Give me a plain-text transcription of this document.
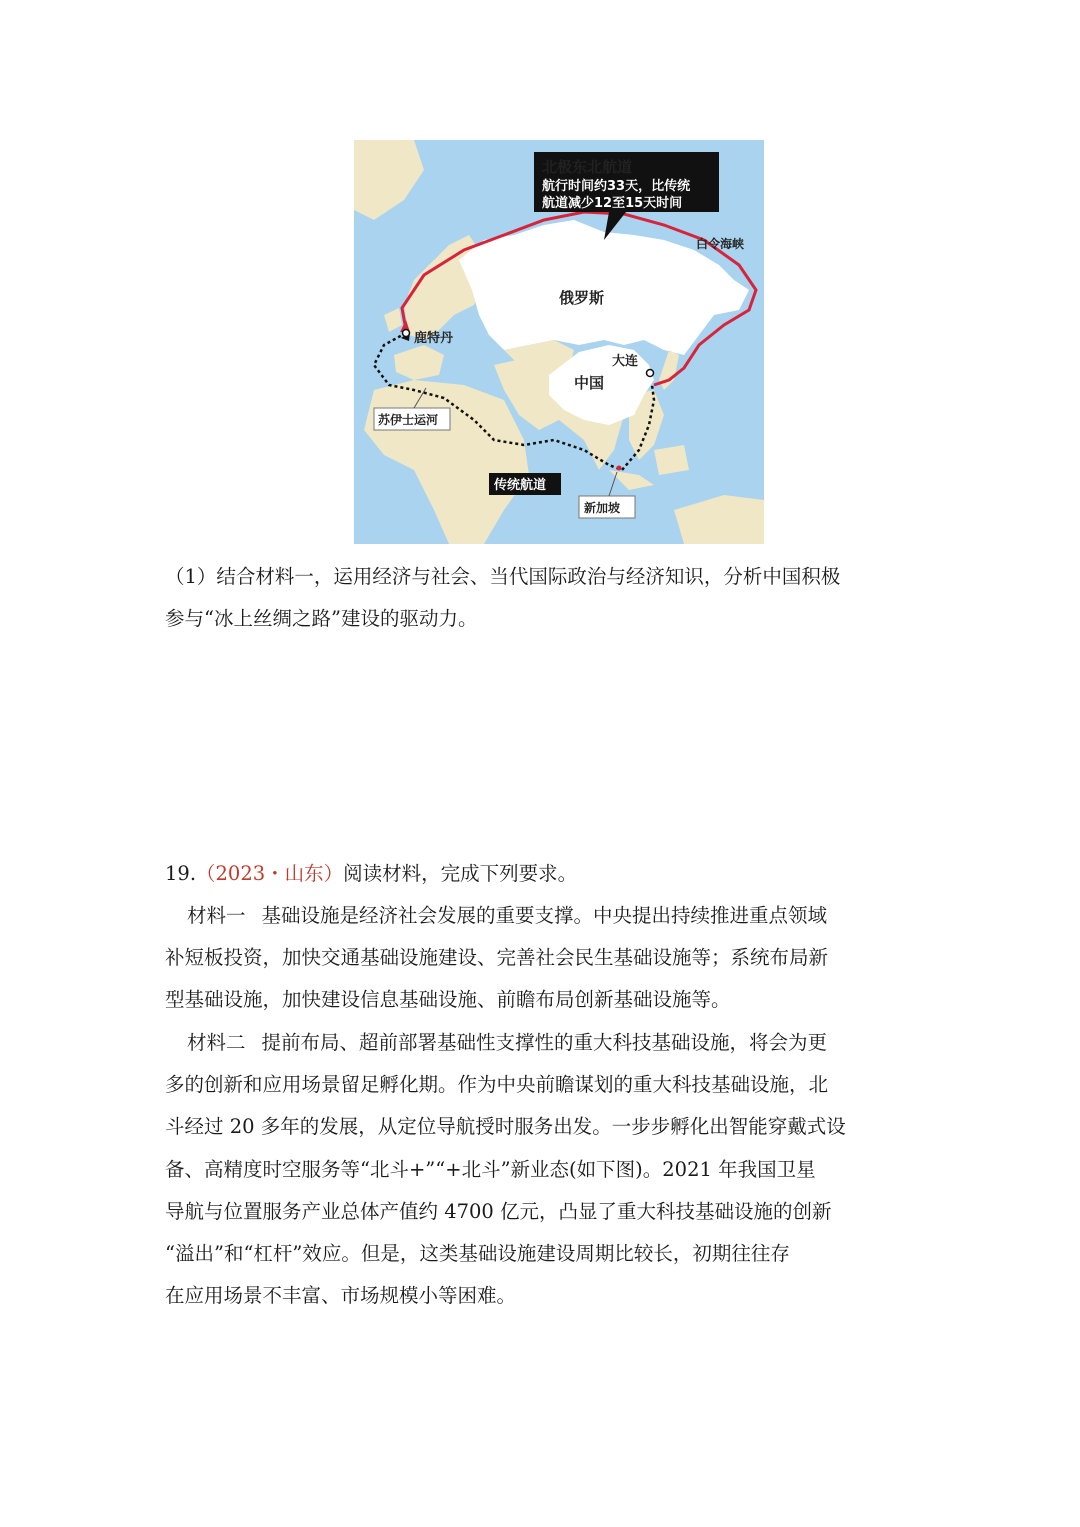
北极东北航道
航行时间约33天，比传统
航道减少12至15天时间
白令海峡
俄罗斯
鹿特丹
大连
中国
苏伊士运河
传统航道
新加坡

（1）结合材料一，运用经济与社会、当代国际政治与经济知识，分析中国积极

参与“冰上丝绸之路”建设的驱动力。

19.（2023・山东）阅读材料，完成下列要求。

材料一 基础设施是经济社会发展的重要支撑。中央提出持续推进重点领域

补短板投资，加快交通基础设施建设、完善社会民生基础设施等；系统布局新

型基础设施，加快建设信息基础设施、前瞻布局创新基础设施等。

材料二 提前布局、超前部署基础性支撑性的重大科技基础设施，将会为更

多的创新和应用场景留足孵化期。作为中央前瞻谋划的重大科技基础设施，北

斗经过 20 多年的发展，从定位导航授时服务出发。一步步孵化出智能穿戴式设

备、高精度时空服务等“北斗+”“+北斗”新业态(如下图)。2021 年我国卫星

导航与位置服务产业总体产值约 4700 亿元，凸显了重大科技基础设施的创新

“溢出”和“杠杆”效应。但是，这类基础设施建设周期比较长，初期往往存

在应用场景不丰富、市场规模小等困难。
